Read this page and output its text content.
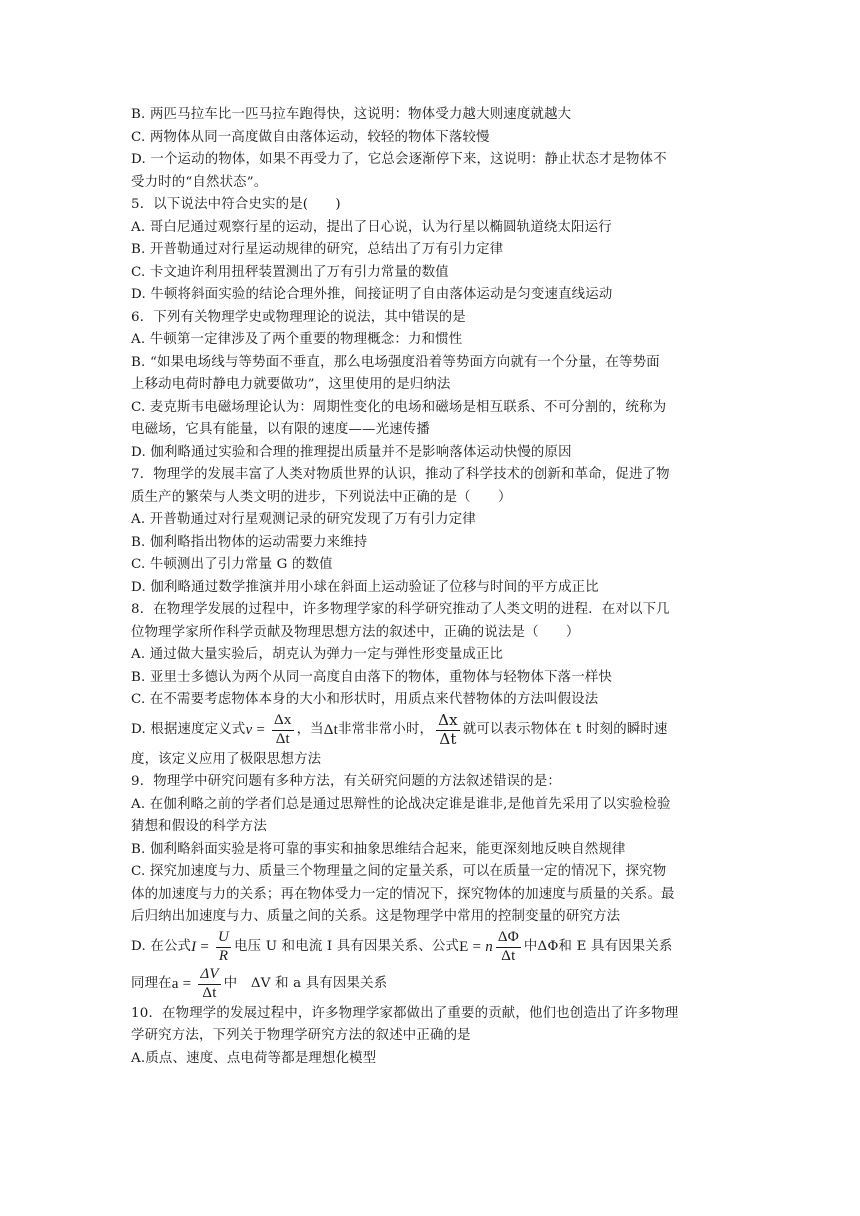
B. 两匹马拉车比一匹马拉车跑得快，这说明：物体受力越大则速度就越大
C. 两物体从同一高度做自由落体运动，较轻的物体下落较慢
D. 一个运动的物体，如果不再受力了，它总会逐渐停下来，这说明：静止状态才是物体不
受力时的“自然状态”。
5．以下说法中符合史实的是(　　)
A. 哥白尼通过观察行星的运动，提出了日心说，认为行星以椭圆轨道绕太阳运行
B. 开普勒通过对行星运动规律的研究，总结出了万有引力定律
C. 卡文迪许利用扭秤装置测出了万有引力常量的数值
D. 牛顿将斜面实验的结论合理外推，间接证明了自由落体运动是匀变速直线运动
6．下列有关物理学史或物理理论的说法，其中错误的是
A. 牛顿第一定律涉及了两个重要的物理概念：力和惯性
B. “如果电场线与等势面不垂直，那么电场强度沿着等势面方向就有一个分量，在等势面
上移动电荷时静电力就要做功”，这里使用的是归纳法
C. 麦克斯韦电磁场理论认为：周期性变化的电场和磁场是相互联系、不可分割的，统称为
电磁场，它具有能量，以有限的速度——光速传播
D. 伽利略通过实验和合理的推理提出质量并不是影响落体运动快慢的原因
7．物理学的发展丰富了人类对物质世界的认识，推动了科学技术的创新和革命，促进了物
质生产的繁荣与人类文明的进步，下列说法中正确的是（　　）
A. 开普勒通过对行星观测记录的研究发现了万有引力定律
B. 伽利略指出物体的运动需要力来维持
C. 牛顿测出了引力常量 G 的数值
D. 伽利略通过数学推演并用小球在斜面上运动验证了位移与时间的平方成正比
8．在物理学发展的过程中，许多物理学家的科学研究推动了人类文明的进程．在对以下几
位物理学家所作科学贡献及物理思想方法的叙述中，正确的说法是（　　）
A. 通过做大量实验后，胡克认为弹力一定与弹性形变量成正比
B. 亚里士多德认为两个从同一高度自由落下的物体，重物体与轻物体下落一样快
C. 在不需要考虑物体本身的大小和形状时，用质点来代替物体的方法叫假设法
D. 根据速度定义式 $v = \frac{\Delta x}{\Delta t}$ ，当 Δt 非常非常小时， $\frac{\Delta x}{\Delta t}$ 就可以表示物体在 t 时刻的瞬时速
度，该定义应用了极限思想方法
9．物理学中研究问题有多种方法，有关研究问题的方法叙述错误的是：
A. 在伽利略之前的学者们总是通过思辩性的论战决定谁是谁非,是他首先采用了以实验检验
猜想和假设的科学方法
B. 伽利略斜面实验是将可靠的事实和抽象思维结合起来，能更深刻地反映自然规律
C. 探究加速度与力、质量三个物理量之间的定量关系，可以在质量一定的情况下，探究物
体的加速度与力的关系；再在物体受力一定的情况下，探究物体的加速度与质量的关系。最
后归纳出加速度与力、质量之间的关系。这是物理学中常用的控制变量的研究方法
D. 在公式 $I = \frac{U}{R}$ 电压 U 和电流 I 具有因果关系、公式 E = n $\frac{\Delta\Phi}{\Delta t}$ 中ΔΦ和 E 具有因果关系
同理在 $a = \frac{\Delta V}{\Delta t}$ 中　ΔV 和 a 具有因果关系
10．在物理学的发展过程中，许多物理学家都做出了重要的贡献，他们也创造出了许多物理
学研究方法，下列关于物理学研究方法的叙述中正确的是
A.质点、速度、点电荷等都是理想化模型
